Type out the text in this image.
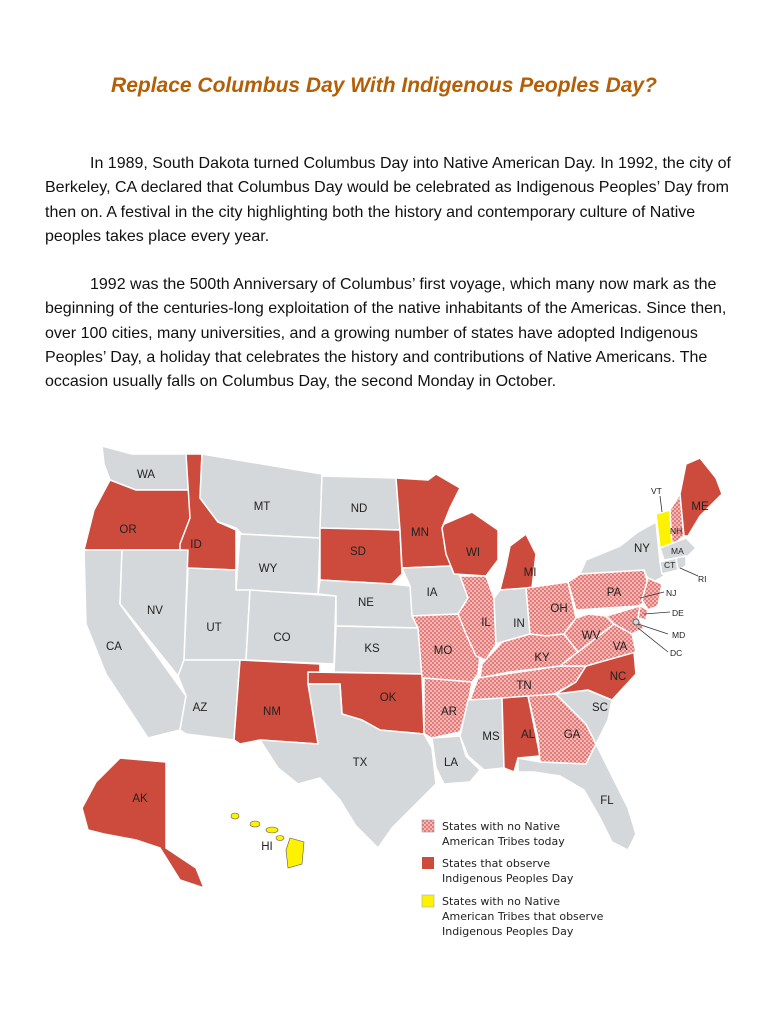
Replace Columbus Day With Indigenous Peoples Day?

In 1989, South Dakota turned Columbus Day into Native American Day. In 1992, the city of Berkeley, CA declared that Columbus Day would be celebrated as Indigenous Peoples’ Day from then on. A festival in the city highlighting both the history and contemporary culture of Native peoples takes place every year.

1992 was the 500th Anniversary of Columbus’ first voyage, which many now mark as the beginning of the centuries-long exploitation of the native inhabitants of the Americas. Since then, over 100 cities, many universities, and a growing number of states have adopted Indigenous Peoples’ Day, a holiday that celebrates the history and contributions of Native Americans. The occasion usually falls on Columbus Day, the second Monday in October.

WA
OR
CA
ID
NV
MT
WY
UT
AZ
CO
NM
ND
SD
NE
KS
OK
TX
MN
IA
MO
AR
LA
WI
IL
MI
IN
OH
KY
TN
MS AL GA
FL
SC
NC
VA
WV
PA
NY
NJ
DE
MD
DC
VT
NH
ME
MA
CT
RI
AK
HI
States with no Native
American Tribes today
States that observe
Indigenous Peoples Day
States with no Native
American Tribes that observe
Indigenous Peoples Day
